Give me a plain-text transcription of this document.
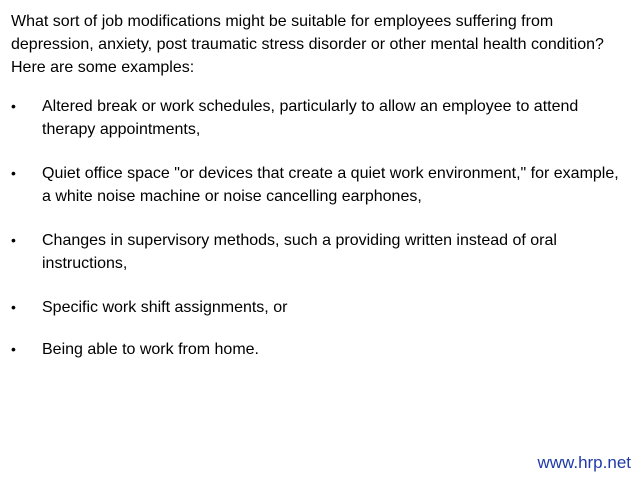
What sort of job modifications might be suitable for employees suffering from depression, anxiety, post traumatic stress disorder or other mental health condition? Here are some examples:

•	Altered break or work schedules, particularly to allow an employee to attend therapy appointments,
•	Quiet office space "or devices that create a quiet work environment," for example, a white noise machine or noise cancelling earphones,
•	Changes in supervisory methods, such a providing written instead of oral instructions,
•	Specific work shift assignments, or
•	Being able to work from home.
www.hrp.net
